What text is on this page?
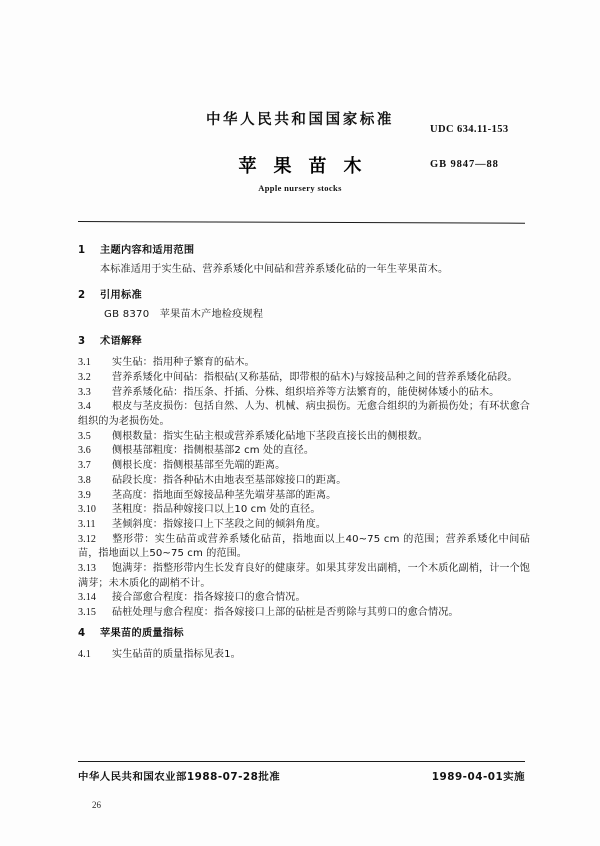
中华人民共和国国家标准
UDC 634.11-153
苹果苗木	GB 9847—88
Apple nursery stocks
1 主题内容和适用范围

本标准适用于实生砧、营养系矮化中间砧和营养系矮化砧的一年生苹果苗木。

2 引用标准

GB 8370　苹果苗木产地检疫规程

3 术语解释

3.1 实生砧：指用种子繁育的砧木。

3.2 营养系矮化中间砧：指根砧(又称基砧，即带根的砧木)与嫁接品种之间的营养系矮化砧段。

3.3 营养系矮化砧：指压条、扦插、分株、组织培养等方法繁育的，能使树体矮小的砧木。

3.4 根皮与茎皮损伤：包括自然、人为、机械、病虫损伤。无愈合组织的为新损伤处；有环状愈合组织的为老损伤处。

3.5 侧根数量：指实生砧主根或营养系矮化砧地下茎段直接长出的侧根数。

3.6 侧根基部粗度：指侧根基部2 cm 处的直径。

3.7 侧根长度：指侧根基部至先端的距离。

3.8 砧段长度：指各种砧木由地表至基部嫁接口的距离。

3.9 茎高度：指地面至嫁接品种茎先端芽基部的距离。

3.10 茎粗度：指品种嫁接口以上10 cm 处的直径。

3.11 茎倾斜度：指嫁接口上下茎段之间的倾斜角度。

3.12 整形带：实生砧苗或营养系矮化砧苗，指地面以上40~75 cm 的范围；营养系矮化中间砧苗，指地面以上50~75 cm 的范围。

3.13 饱满芽：指整形带内生长发育良好的健康芽。如果其芽发出副梢，一个木质化副梢，计一个饱满芽；未木质化的副梢不计。

3.14 接合部愈合程度：指各嫁接口的愈合情况。

3.15 砧桩处理与愈合程度：指各嫁接口上部的砧桩是否剪除与其剪口的愈合情况。

4 苹果苗的质量指标

4.1 实生砧苗的质量指标见表1。

中华人民共和国农业部1988-07-28批准	1989-04-01实施
26
